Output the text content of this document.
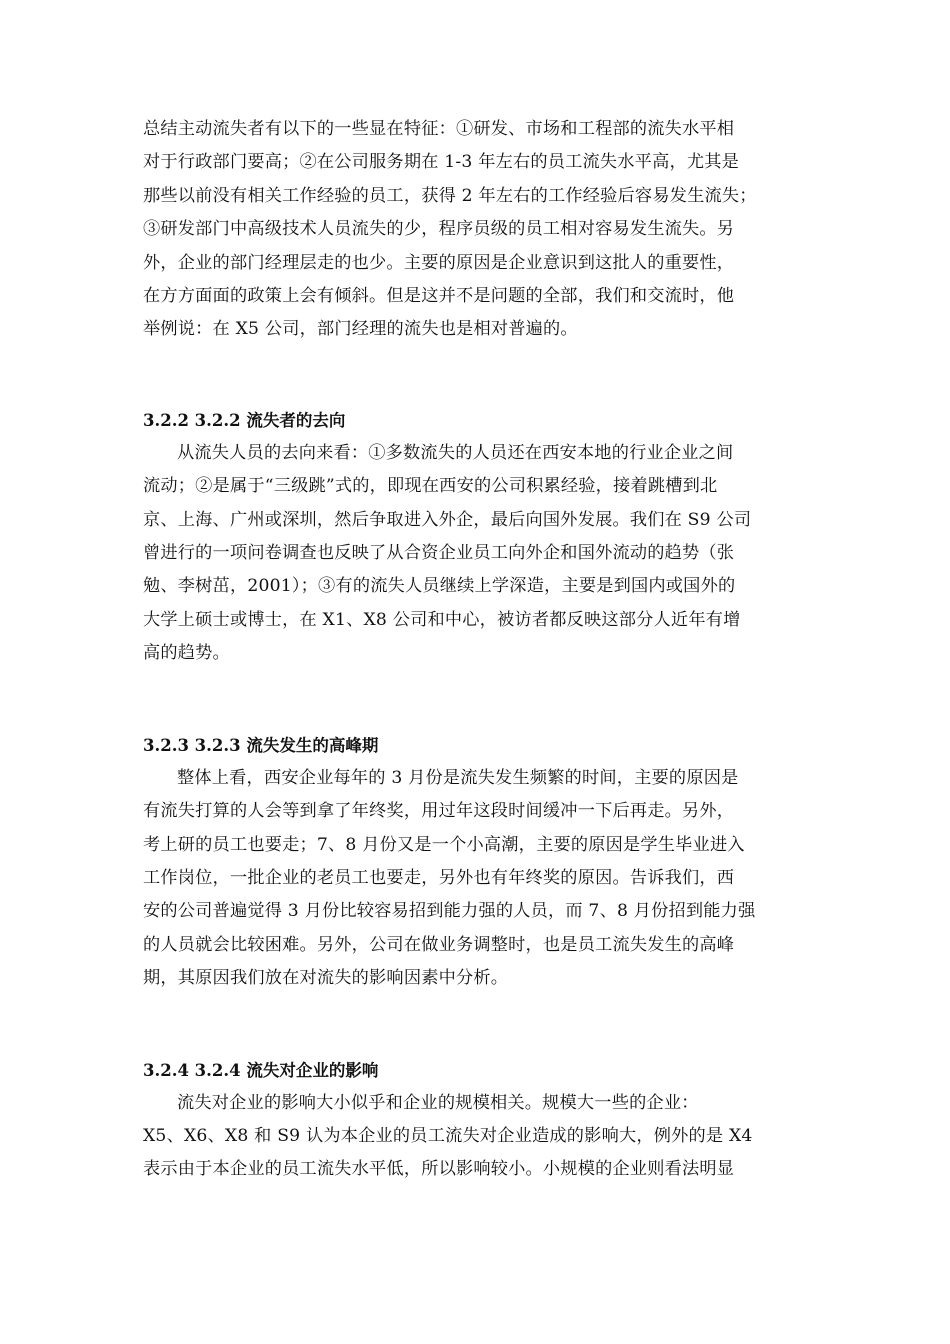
总结主动流失者有以下的一些显在特征：①研发、市场和工程部的流失水平相
对于行政部门要高；②在公司服务期在 1-3 年左右的员工流失水平高，尤其是
那些以前没有相关工作经验的员工，获得 2 年左右的工作经验后容易发生流失；
③研发部门中高级技术人员流失的少，程序员级的员工相对容易发生流失。另
外，企业的部门经理层走的也少。主要的原因是企业意识到这批人的重要性，
在方方面面的政策上会有倾斜。但是这并不是问题的全部，我们和交流时，他
举例说：在 X5 公司，部门经理的流失也是相对普遍的。

3.2.2 3.2.2 流失者的去向

从流失人员的去向来看：①多数流失的人员还在西安本地的行业企业之间
流动；②是属于“三级跳”式的，即现在西安的公司积累经验，接着跳槽到北
京、上海、广州或深圳，然后争取进入外企，最后向国外发展。我们在 S9 公司
曾进行的一项问卷调查也反映了从合资企业员工向外企和国外流动的趋势（张
勉、李树茁，2001）；③有的流失人员继续上学深造，主要是到国内或国外的
大学上硕士或博士，在 X1、X8 公司和中心，被访者都反映这部分人近年有增
高的趋势。

3.2.3 3.2.3 流失发生的高峰期

整体上看，西安企业每年的 3 月份是流失发生频繁的时间，主要的原因是
有流失打算的人会等到拿了年终奖，用过年这段时间缓冲一下后再走。另外，
考上研的员工也要走；7、8 月份又是一个小高潮，主要的原因是学生毕业进入
工作岗位，一批企业的老员工也要走，另外也有年终奖的原因。告诉我们，西
安的公司普遍觉得 3 月份比较容易招到能力强的人员，而 7、8 月份招到能力强
的人员就会比较困难。另外，公司在做业务调整时，也是员工流失发生的高峰
期，其原因我们放在对流失的影响因素中分析。

3.2.4 3.2.4 流失对企业的影响

流失对企业的影响大小似乎和企业的规模相关。规模大一些的企业：
X5、X6、X8 和 S9 认为本企业的员工流失对企业造成的影响大，例外的是 X4
表示由于本企业的员工流失水平低，所以影响较小。小规模的企业则看法明显
